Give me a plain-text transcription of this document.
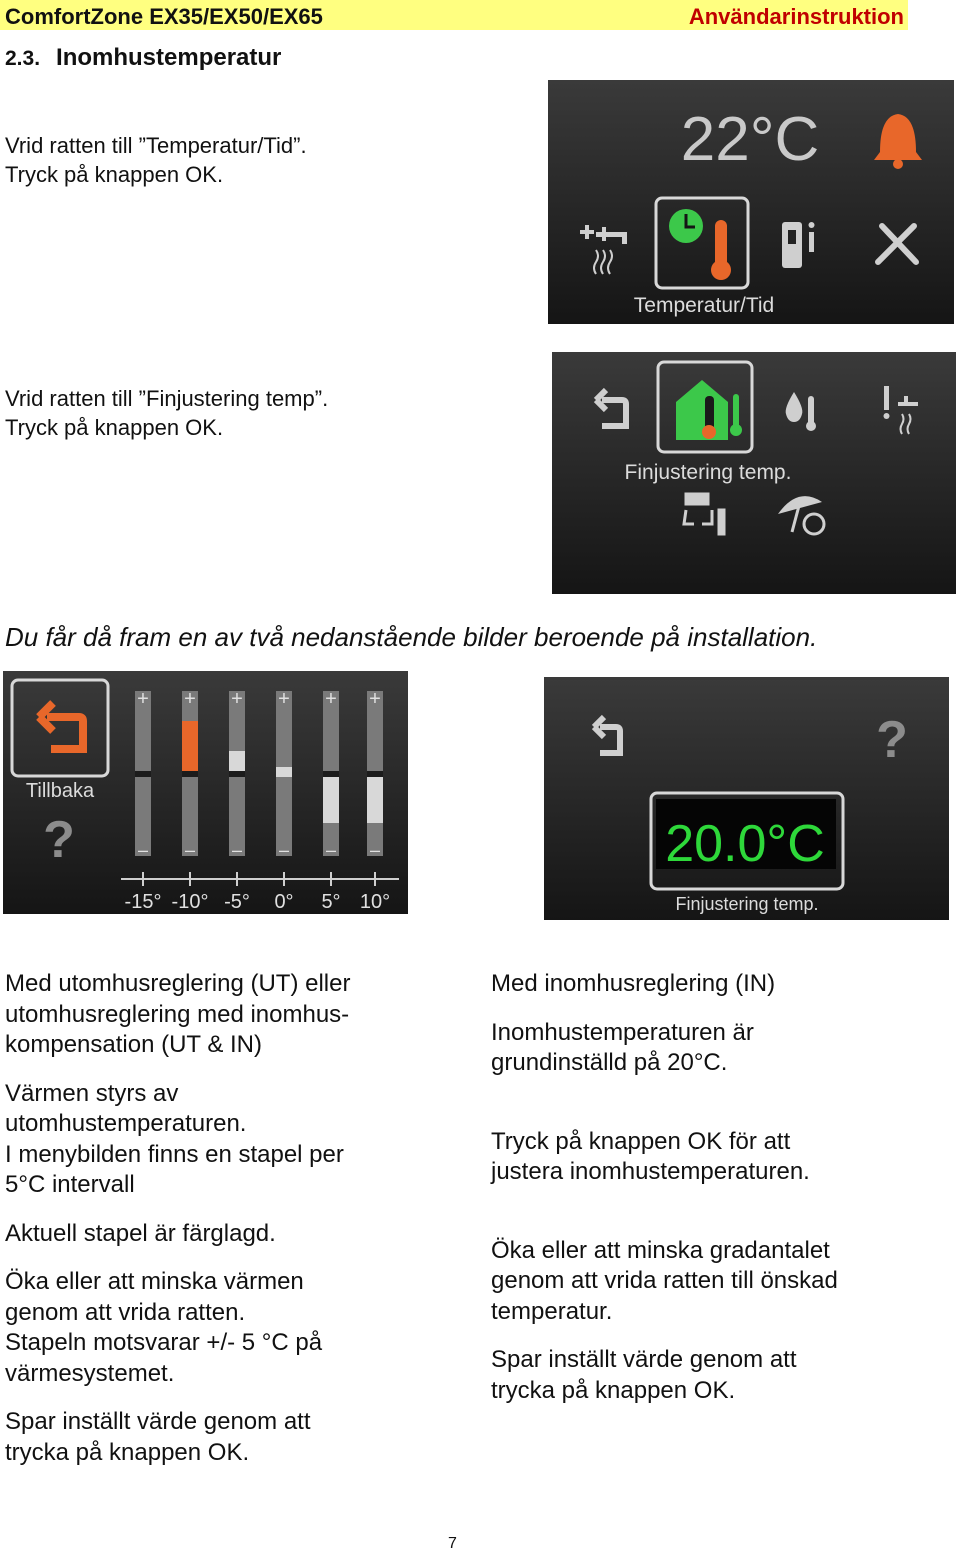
ComfortZone EX35/EX50/EX65	Användarinstruktion
2.3. Inomhustemperatur
Vrid ratten till ”Temperatur/Tid”.
Tryck på knappen OK.
22°C
Temperatur/Tid
Vrid ratten till ”Finjustering temp”.
Tryck på knappen OK.
Finjustering temp.
Du får då fram en av två nedanstående bilder beroende på installation.
Tillbaka
?
+
–
+
–
+
–
+
–
+
–
+
–
-15° -10° -5° 0° 5° 10°
?
20.0°C
Finjustering temp.

Med utomhusreglering (UT) eller
utomhusreglering med inomhus-
kompensation (UT & IN)

Värmen styrs av
utomhustemperaturen.
I menybilden finns en stapel per
5°C intervall

Aktuell stapel är färglagd.

Öka eller att minska värmen
genom att vrida ratten.
Stapeln motsvarar +/- 5 °C på
värmesystemet.

Spar inställt värde genom att
trycka på knappen OK.

Med inomhusreglering (IN)

Inomhustemperaturen är
grundinställd på 20°C.

Tryck på knappen OK för att
justera inomhustemperaturen.

Öka eller att minska gradantalet
genom att vrida ratten till önskad
temperatur.

Spar inställt värde genom att
trycka på knappen OK.

7
